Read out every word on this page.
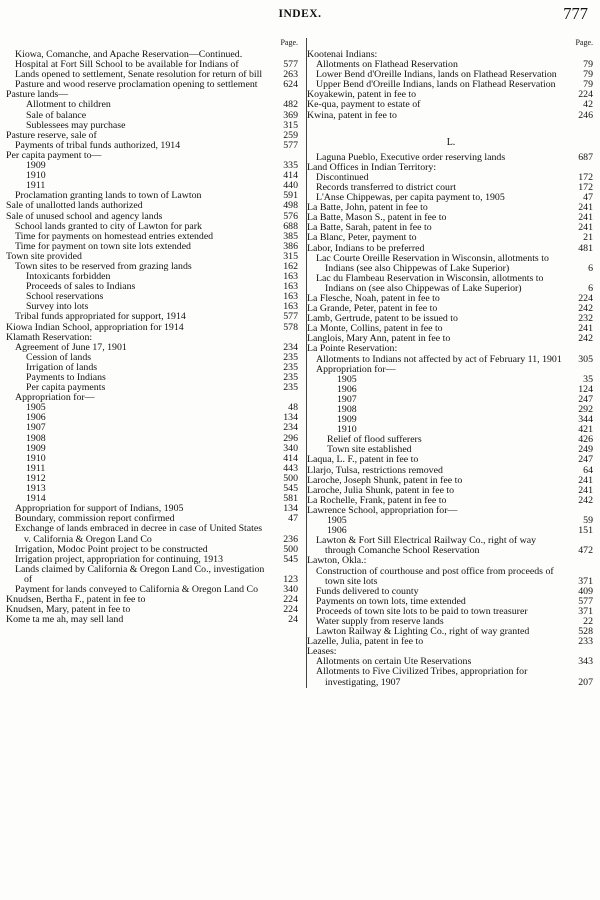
INDEX.	777
Page.
Kiowa, Comanche, and Apache Reservation—Continued.
Hospital at Fort Sill School to be available for Indians of	577
Lands opened to settlement, Senate resolution for return of bill	263
Pasture and wood reserve proclamation opening to settlement	624
Pasture lands—
Allotment to children	482
Sale of balance	369
Sublessees may purchase	315
Pasture reserve, sale of	259
Payments of tribal funds authorized, 1914	577
Per capita payment to—
1909	335
1910	414
1911	440
Proclamation granting lands to town of Lawton	591
Sale of unallotted lands authorized	498
Sale of unused school and agency lands	576
School lands granted to city of Lawton for park	688
Time for payments on homestead entries extended	385
Time for payment on town site lots extended	386
Town site provided	315
Town sites to be reserved from grazing lands	162
Intoxicants forbidden	163
Proceeds of sales to Indians	163
School reservations	163
Survey into lots	163
Tribal funds appropriated for support, 1914	577
Kiowa Indian School, appropriation for 1914	578
Klamath Reservation:
Agreement of June 17, 1901	234
Cession of lands	235
Irrigation of lands	235
Payments to Indians	235
Per capita payments	235
Appropriation for—
1905	48
1906	134
1907	234
1908	296
1909	340
1910	414
1911	443
1912	500
1913	545
1914	581
Appropriation for support of Indians, 1905	134
Boundary, commission report confirmed	47
Exchange of lands embraced in decree in case of United States v. California & Oregon Land Co	236
Irrigation, Modoc Point project to be constructed	500
Irrigation project, appropriation for continuing, 1913	545
Lands claimed by California & Oregon Land Co., investigation of	123
Payment for lands conveyed to California & Oregon Land Co	340
Knudsen, Bertha F., patent in fee to	224
Knudsen, Mary, patent in fee to	224
Kome ta me ah, may sell land	24
Page.
Kootenai Indians:
Allotments on Flathead Reservation	79
Lower Bend d'Oreille Indians, lands on Flathead Reservation	79
Upper Bend d'Oreille Indians, lands on Flathead Reservation	79
Koyakewin, patent in fee to	224
Ke-qua, payment to estate of	42
Kwina, patent in fee to	246
L.
Laguna Pueblo, Executive order reserving lands	687
Land Offices in Indian Territory:
Discontinued	172
Records transferred to district court	172
L'Anse Chippewas, per capita payment to, 1905	47
La Batte, John, patent in fee to	241
La Batte, Mason S., patent in fee to	241
La Batte, Sarah, patent in fee to	241
La Blanc, Peter, payment to	21
Labor, Indians to be preferred	481
Lac Courte Oreille Reservation in Wisconsin, allotments to Indians (see also Chippewas of Lake Superior)	6
Lac du Flambeau Reservation in Wisconsin, allotments to Indians on (see also Chippewas of Lake Superior)	6
La Flesche, Noah, patent in fee to	224
La Grande, Peter, patent in fee to	242
Lamb, Gertrude, patent to be issued to	232
La Monte, Collins, patent in fee to	241
Langlois, Mary Ann, patent in fee to	242
La Pointe Reservation:
Allotments to Indians not affected by act of February 11, 1901	305
Appropriation for—
1905	35
1906	124
1907	247
1908	292
1909	344
1910	421
Relief of flood sufferers	426
Town site established	249
Laqua, L. F., patent in fee to	247
Llarjo, Tulsa, restrictions removed	64
Laroche, Joseph Shunk, patent in fee to	241
Laroche, Julia Shunk, patent in fee to	241
La Rochelle, Frank, patent in fee to	242
Lawrence School, appropriation for—
1905	59
1906	151
Lawton & Fort Sill Electrical Railway Co., right of way through Comanche School Reservation	472
Lawton, Okla.:
Construction of courthouse and post office from proceeds of town site lots	371
Funds delivered to county	409
Payments on town lots, time extended	577
Proceeds of town site lots to be paid to town treasurer	371
Water supply from reserve lands	22
Lawton Railway & Lighting Co., right of way granted	528
Lazelle, Julia, patent in fee to	233
Leases:
Allotments on certain Ute Reservations	343
Allotments to Five Civilized Tribes, appropriation for investigating, 1907	207
